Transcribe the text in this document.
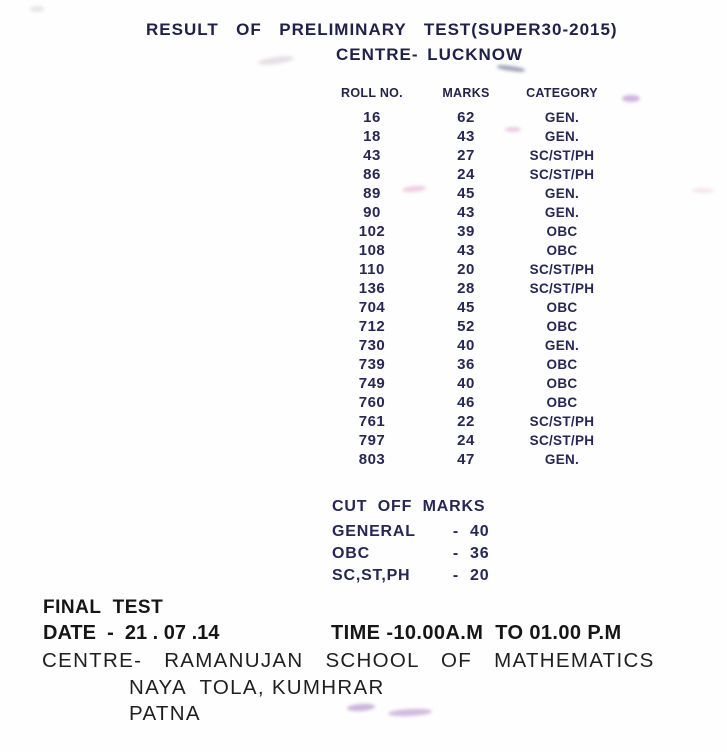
RESULT  OF  PRELIMINARY  TEST(SUPER30-2015)
CENTRE- LUCKNOW
ROLL NO.	MARKS	CATEGORY
16	62	GEN.
18	43	GEN.
43	27	SC/ST/PH
86	24	SC/ST/PH
89	45	GEN.
90	43	GEN.
102	39	OBC
108	43	OBC
110	20	SC/ST/PH
136	28	SC/ST/PH
704	45	OBC
712	52	OBC
730	40	GEN.
739	36	OBC
749	40	OBC
760	46	OBC
761	22	SC/ST/PH
797	24	SC/ST/PH
803	47	GEN.
CUT  OFF  MARKS
GENERAL	- 40
OBC	- 36
SC,ST,PH	- 20
FINAL  TEST
DATE  -  21 . 07 .14	TIME -10.00A.M  TO 01.00 P.M
CENTRE-  RAMANUJAN  SCHOOL  OF  MATHEMATICS
NAYA  TOLA, KUMHRAR
PATNA
